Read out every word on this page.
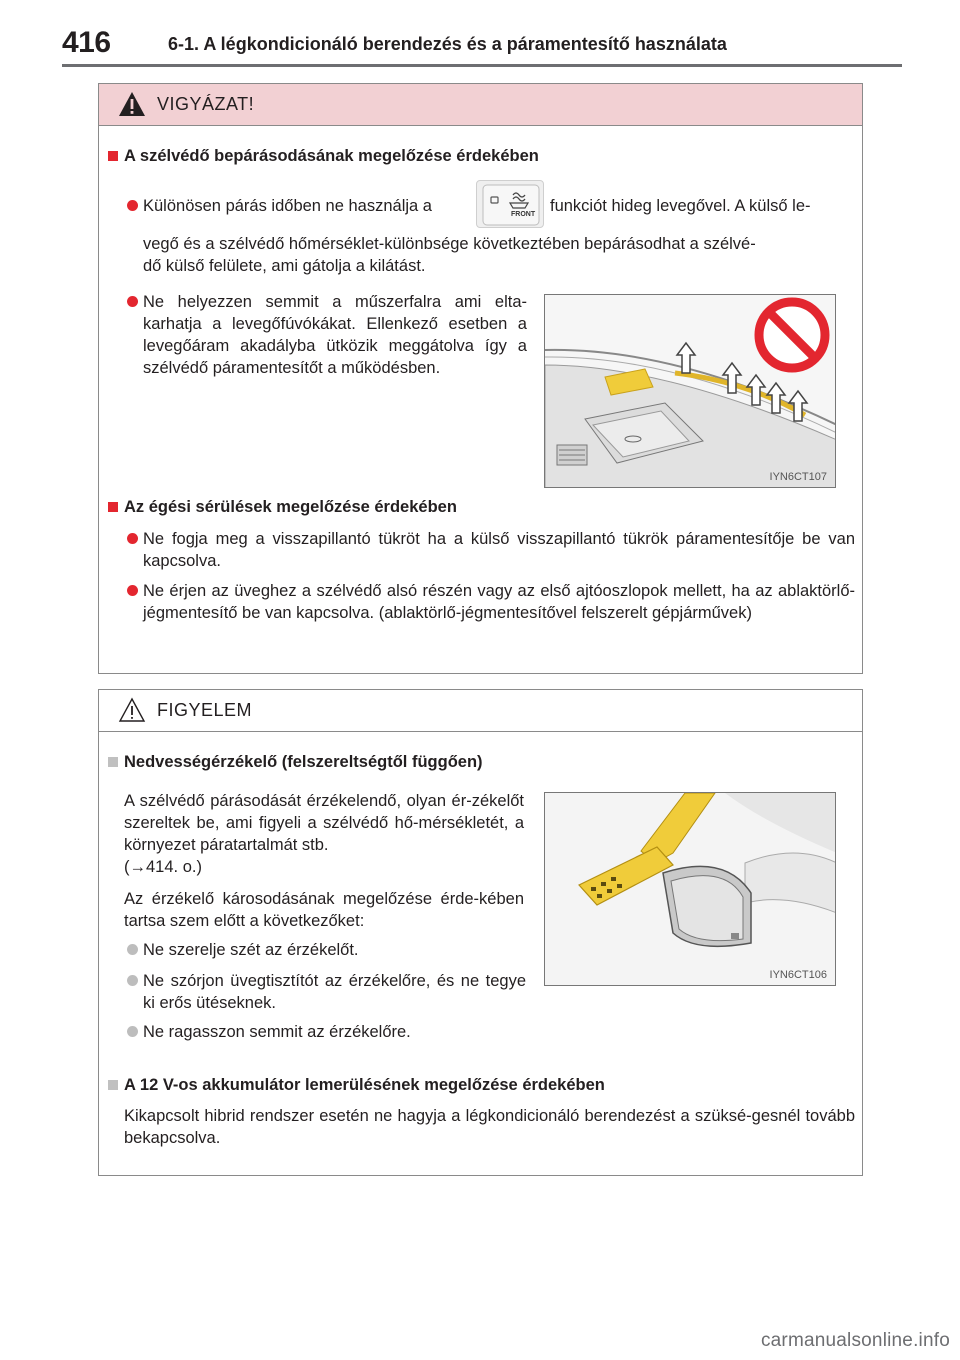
416	6-1. A légkondicionáló berendezés és a páramentesítő használata
VIGYÁZAT!
A szélvédő bepárásodásának megelőzése érdekében
Különösen párás időben ne használja a	FRONT funkciót hideg levegővel. A külső le-
vegő és a szélvédő hőmérséklet-különbsége következtében bepárásodhat a szélvé-
dő külső felülete, ami gátolja a kilátást.
Ne helyezzen semmit a műszerfalra ami elta-karhatja a levegőfúvókákat. Ellenkező esetben a levegőáram akadályba ütközik meggátolva így a szélvédő páramentesítőt a működésben.
IYN6CT107
Az égési sérülések megelőzése érdekében
Ne fogja meg a visszapillantó tükröt ha a külső visszapillantó tükrök páramentesítője be van kapcsolva.
Ne érjen az üveghez a szélvédő alsó részén vagy az első ajtóoszlopok mellett, ha az ablaktörlő-jégmentesítő be van kapcsolva. (ablaktörlő-jégmentesítővel felszerelt gépjárművek)
FIGYELEM
Nedvességérzékelő (felszereltségtől függően)
A szélvédő párásodását érzékelendő, olyan ér-zékelőt szereltek be, ami figyeli a szélvédő hő-mérsékletét, a környezet páratartalmát stb.
(→414. o.)
Az érzékelő károsodásának megelőzése érde-kében tartsa szem előtt a következőket:
Ne szerelje szét az érzékelőt.
Ne szórjon üvegtisztítót az érzékelőre, és ne tegye ki erős ütéseknek.
Ne ragasszon semmit az érzékelőre.
IYN6CT106
A 12 V-os akkumulátor lemerülésének megelőzése érdekében
Kikapcsolt hibrid rendszer esetén ne hagyja a légkondicionáló berendezést a szüksé-gesnél tovább bekapcsolva.
carmanualsonline.info
